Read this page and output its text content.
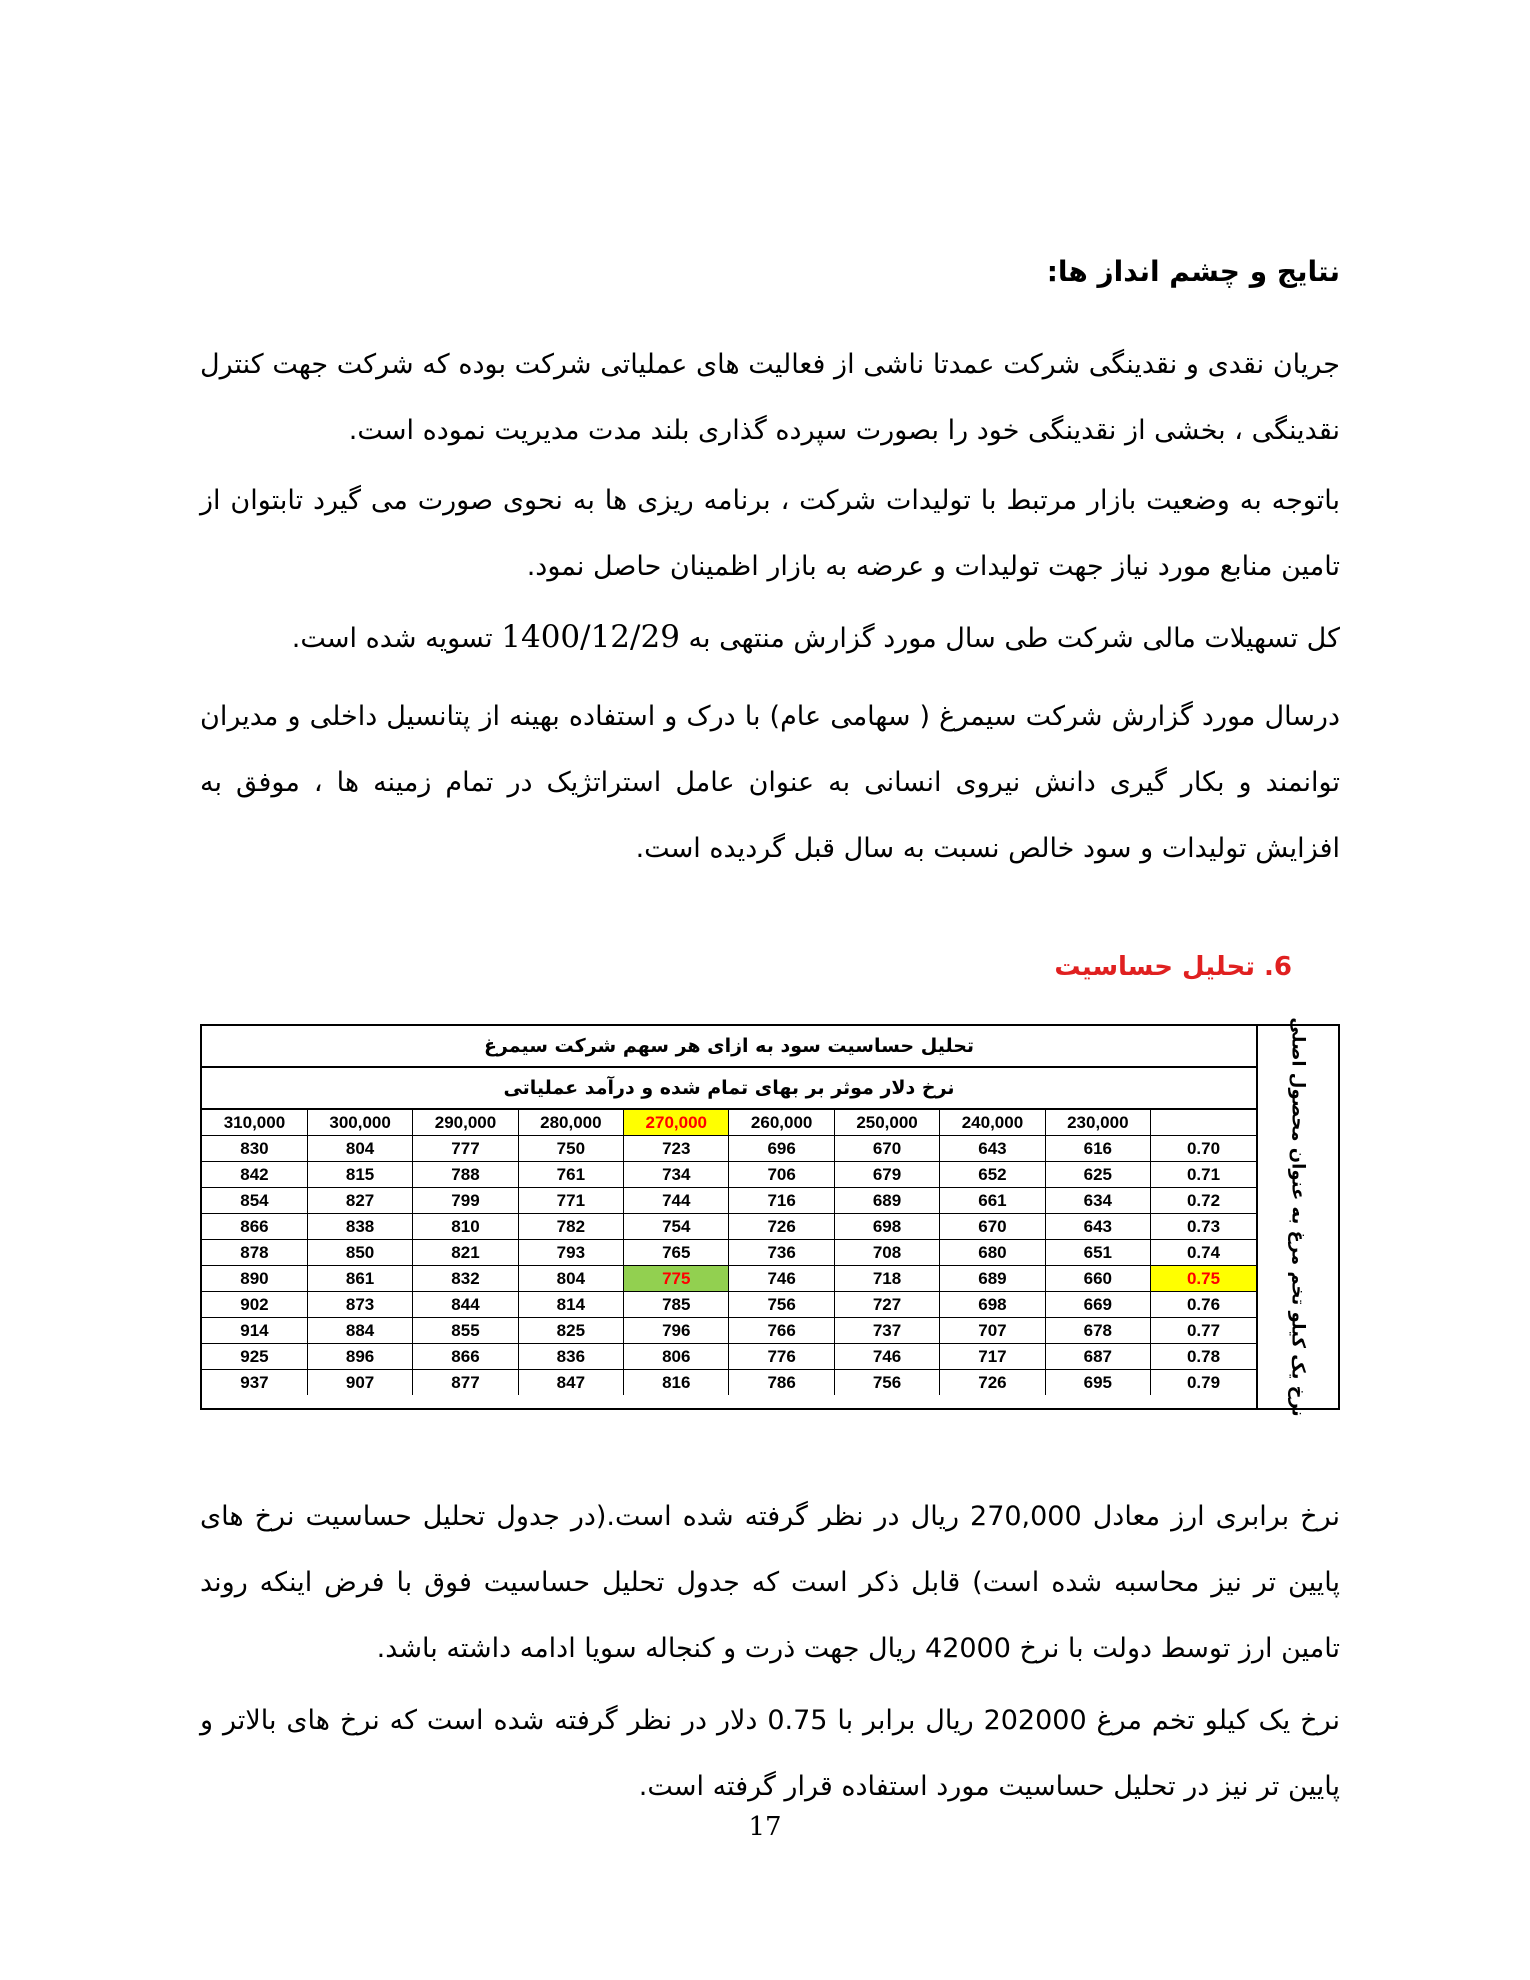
نتایج و چشم انداز ها:
جریان نقدی و نقدینگی شرکت عمدتا ناشی از فعالیت های عملیاتی شرکت بوده که شرکت جهت کنترل نقدینگی ، بخشی از نقدینگی خود را بصورت سپرده گذاری بلند مدت مدیریت نموده است.
باتوجه به وضعیت بازار مرتبط با تولیدات شرکت ، برنامه ریزی ها به نحوی صورت می گیرد تابتوان از تامین منابع مورد نیاز جهت تولیدات و عرضه به بازار اظمینان حاصل نمود.
کل تسهیلات مالی شرکت طی سال مورد گزارش منتهی به 1400/12/29 تسویه شده است.
درسال مورد گزارش شرکت سیمرغ ( سهامی عام) با درک و استفاده بهینه از پتانسیل داخلی و مدیران توانمند و بکار گیری دانش نیروی انسانی به عنوان عامل استراتژیک در تمام زمینه ها ، موفق به افزایش تولیدات و سود خالص نسبت به سال قبل گردیده است.
6. تحلیل حساسیت
نرخ یک کیلو تخم مرغ به عنوان محصول اصلی
تحلیل حساسیت سود به ازای هر سهم شرکت سیمرغ
نرخ دلار موثر بر بهای تمام شده و درآمد عملیاتی
310,000	300,000	290,000	280,000	270,000	260,000	250,000	240,000	230,000	
830	804	777	750	723	696	670	643	616	0.70
842	815	788	761	734	706	679	652	625	0.71
854	827	799	771	744	716	689	661	634	0.72
866	838	810	782	754	726	698	670	643	0.73
878	850	821	793	765	736	708	680	651	0.74
890	861	832	804	775	746	718	689	660	0.75
902	873	844	814	785	756	727	698	669	0.76
914	884	855	825	796	766	737	707	678	0.77
925	896	866	836	806	776	746	717	687	0.78
937	907	877	847	816	786	756	726	695	0.79
نرخ برابری ارز معادل 270,000 ریال در نظر گرفته شده است.(در جدول تحلیل حساسیت نرخ های پایین تر نیز محاسبه شده است) قابل ذکر است که جدول تحلیل حساسیت فوق با فرض اینکه روند تامین ارز توسط دولت با نرخ 42000 ریال جهت ذرت و کنجاله سویا ادامه داشته باشد.
نرخ یک کیلو تخم مرغ 202000 ریال برابر با 0.75 دلار در نظر گرفته شده است که نرخ های بالاتر و پایین تر نیز در تحلیل حساسیت مورد استفاده قرار گرفته است.
17
